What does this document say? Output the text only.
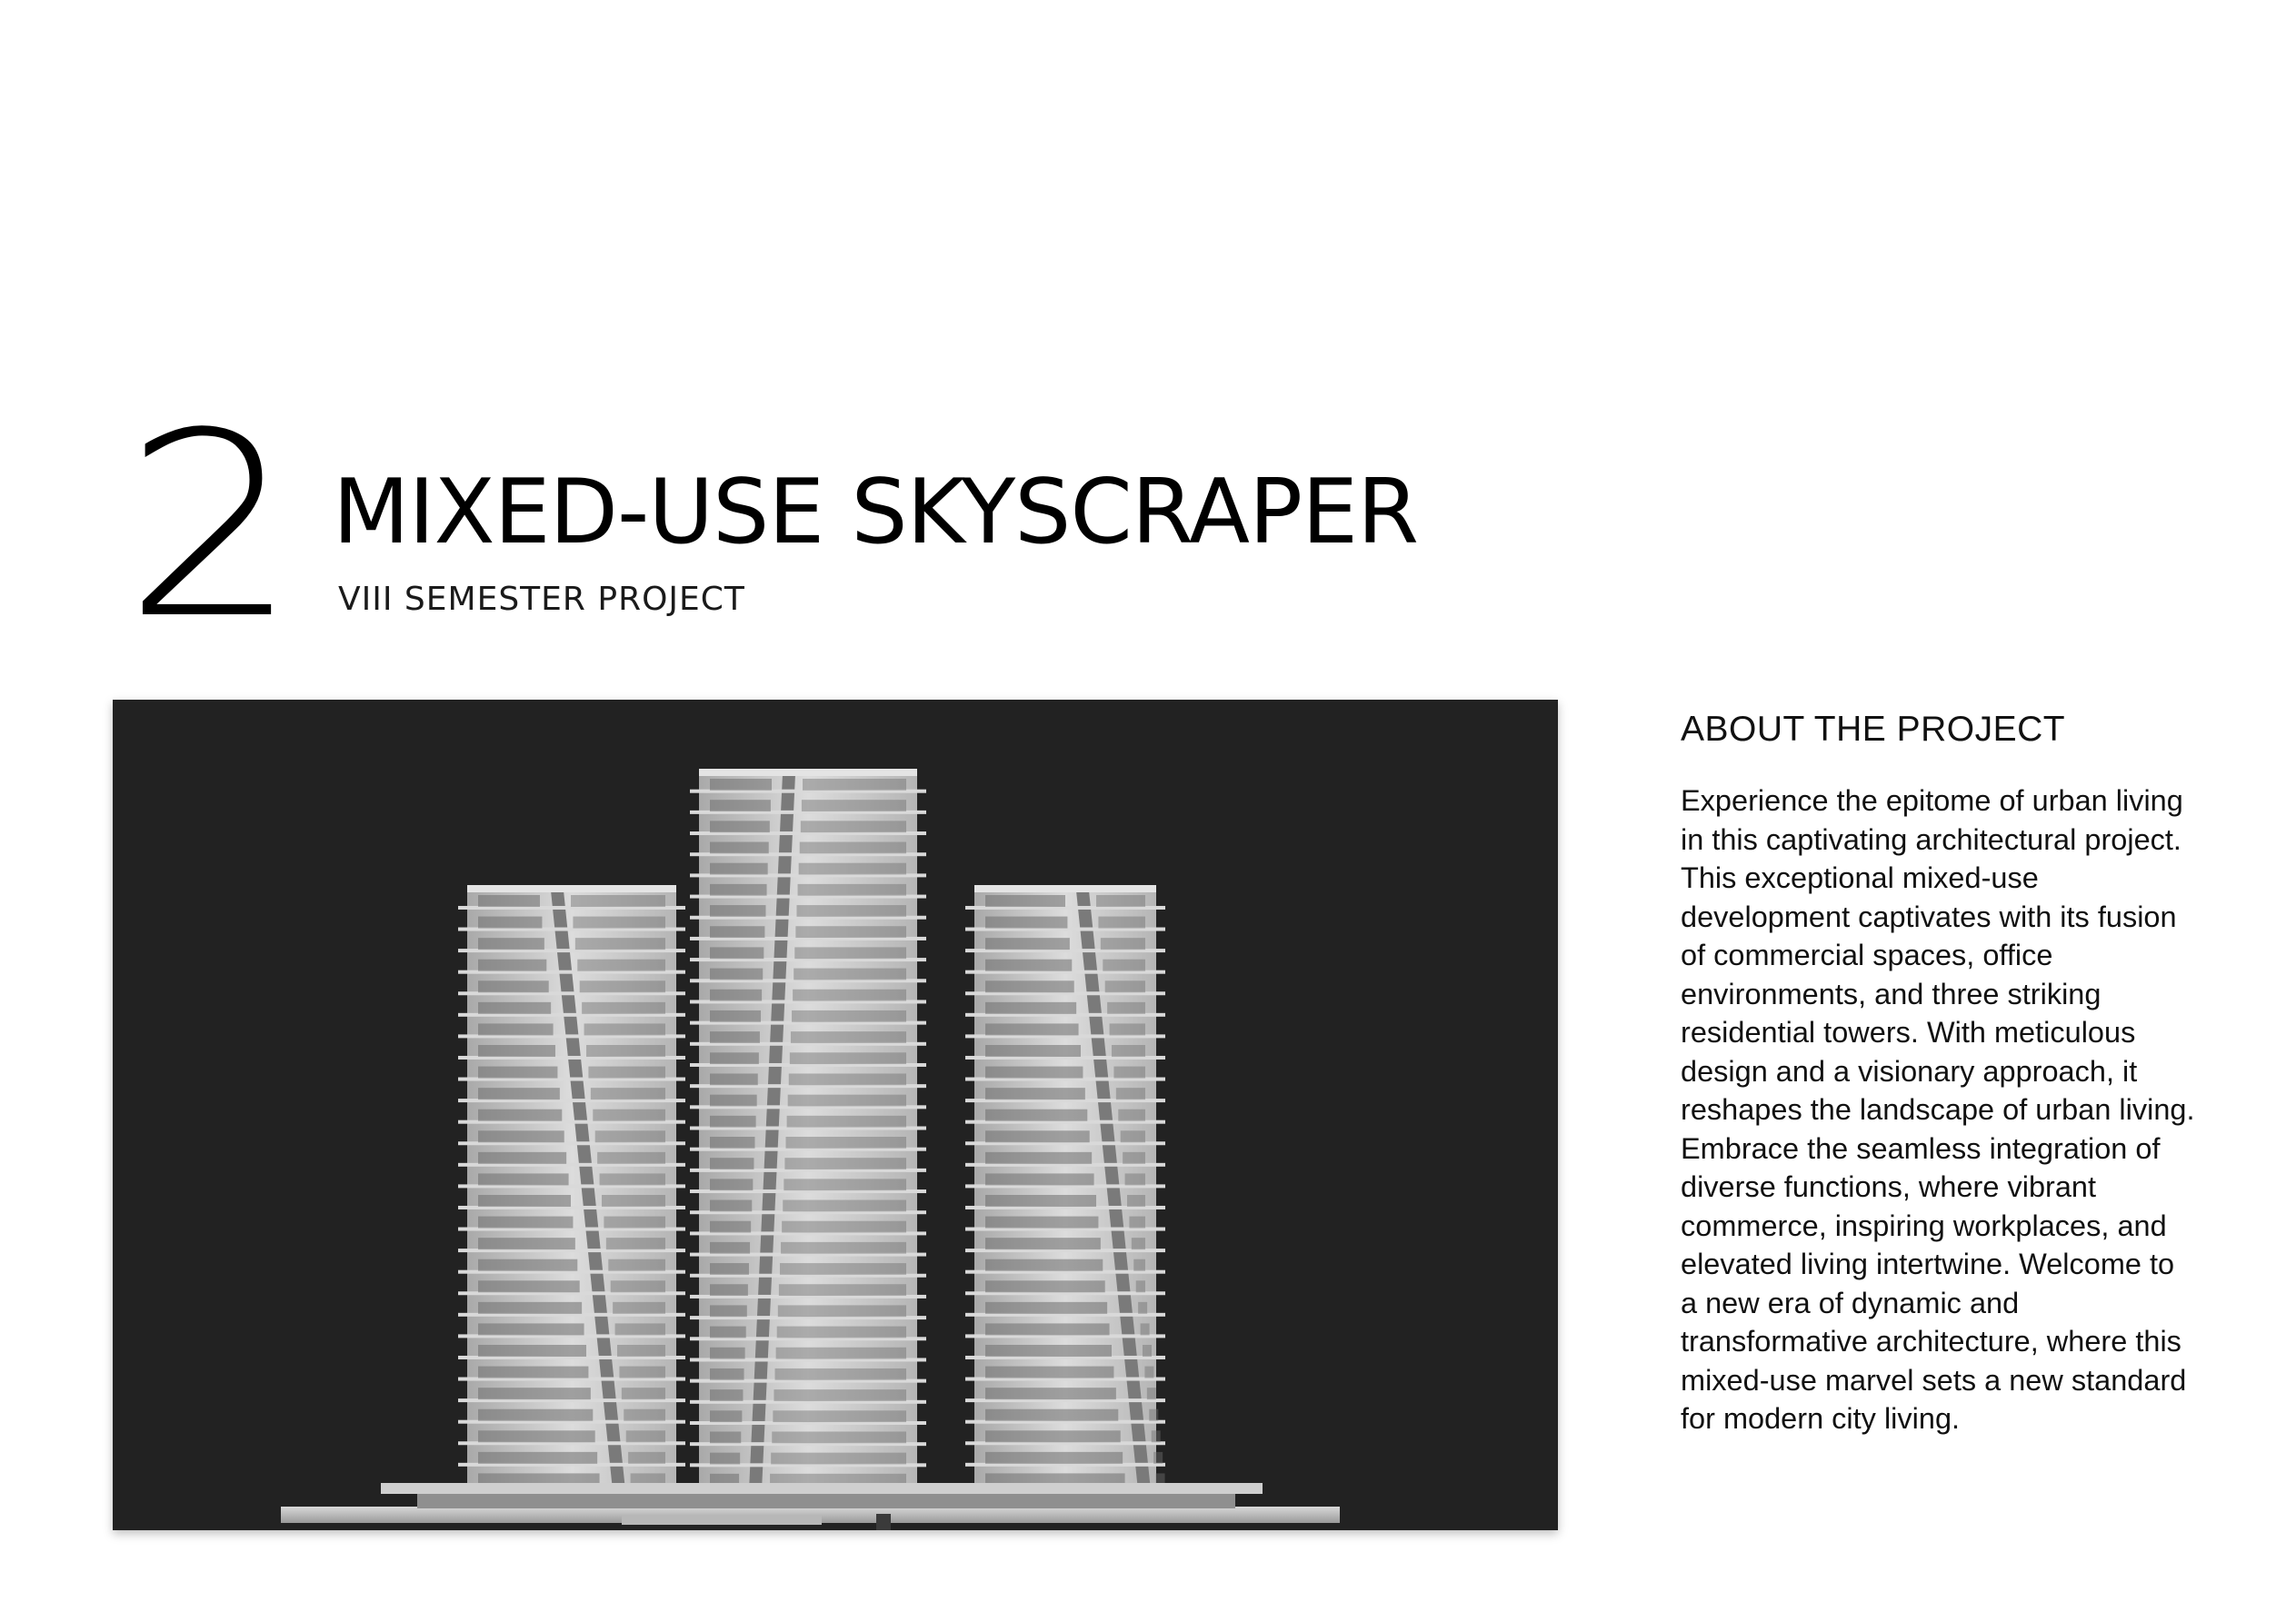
2 MIXED-USE SKYSCRAPER
VIII SEMESTER PROJECT
ABOUT THE PROJECT
Experience the epitome of urban living
in this captivating architectural project.
This exceptional mixed-use
development captivates with its fusion
of commercial spaces, office
environments, and three striking
residential towers. With meticulous
design and a visionary approach, it
reshapes the landscape of urban living.
Embrace the seamless integration of
diverse functions, where vibrant
commerce, inspiring workplaces, and
elevated living intertwine. Welcome to
a new era of dynamic and
transformative architecture, where this
mixed-use marvel sets a new standard
for modern city living.
